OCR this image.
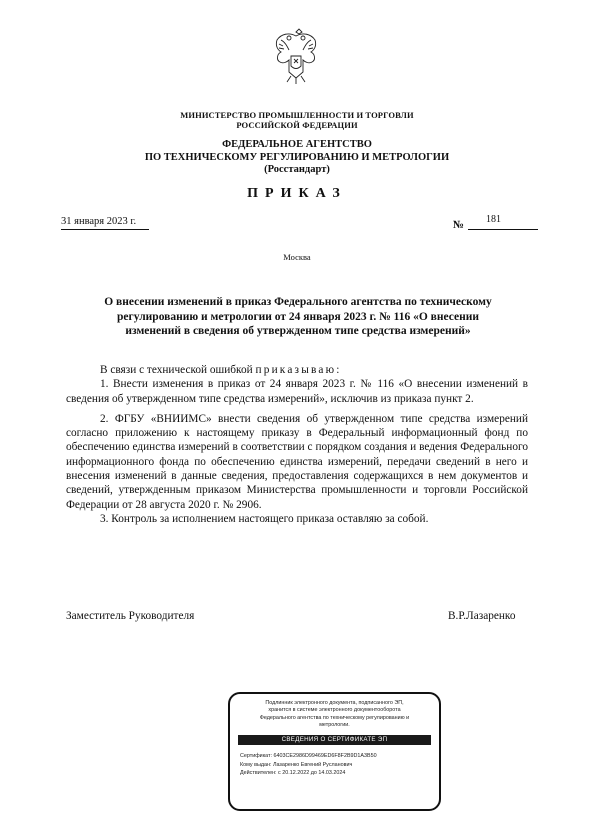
МИНИСТЕРСТВО ПРОМЫШЛЕННОСТИ И ТОРГОВЛИ
РОССИЙСКОЙ ФЕДЕРАЦИИ
ФЕДЕРАЛЬНОЕ АГЕНТСТВО
ПО ТЕХНИЧЕСКОМУ РЕГУЛИРОВАНИЮ И МЕТРОЛОГИИ
(Росстандарт)
ПРИКАЗ
31 января 2023 г.	№ 181
Москва
О внесении изменений в приказ Федерального агентства по техническому
регулированию и метрологии от 24 января 2023 г. № 116 «О внесении
изменений в сведения об утвержденном типе средства измерений»

В связи с технической ошибкой приказываю:

1. Внести изменения в приказ от 24 января 2023 г. № 116 «О внесении изменений в сведения об утвержденном типе средства измерений», исключив из приказа пункт 2.

2. ФГБУ «ВНИИМС» внести сведения об утвержденном типе средства измерений согласно приложению к настоящему приказу в Федеральный информационный фонд по обеспечению единства измерений в соответствии с порядком создания и ведения Федерального информационного фонда по обеспечению единства измерений, передачи сведений в него и внесения изменений в данные сведения, предоставления содержащихся в нем документов и сведений, утвержденным приказом Министерства промышленности и торговли Российской Федерации от 28 августа 2020 г. № 2906.

3. Контроль за исполнением настоящего приказа оставляю за собой.

Заместитель Руководителя	В.Р.Лазаренко
Подлинник электронного документа, подписанного ЭП,
хранится в системе электронного документооборота
Федерального агентства по техническому регулированию и
метрологии.
СВЕДЕНИЯ О СЕРТИФИКАТЕ ЭП
Сертификат: 6403CE2986D99469ED6F8F2B9D1A3B50
Кому выдан: Лазаренко Евгений Русланович
Действителен: с 20.12.2022 до 14.03.2024
